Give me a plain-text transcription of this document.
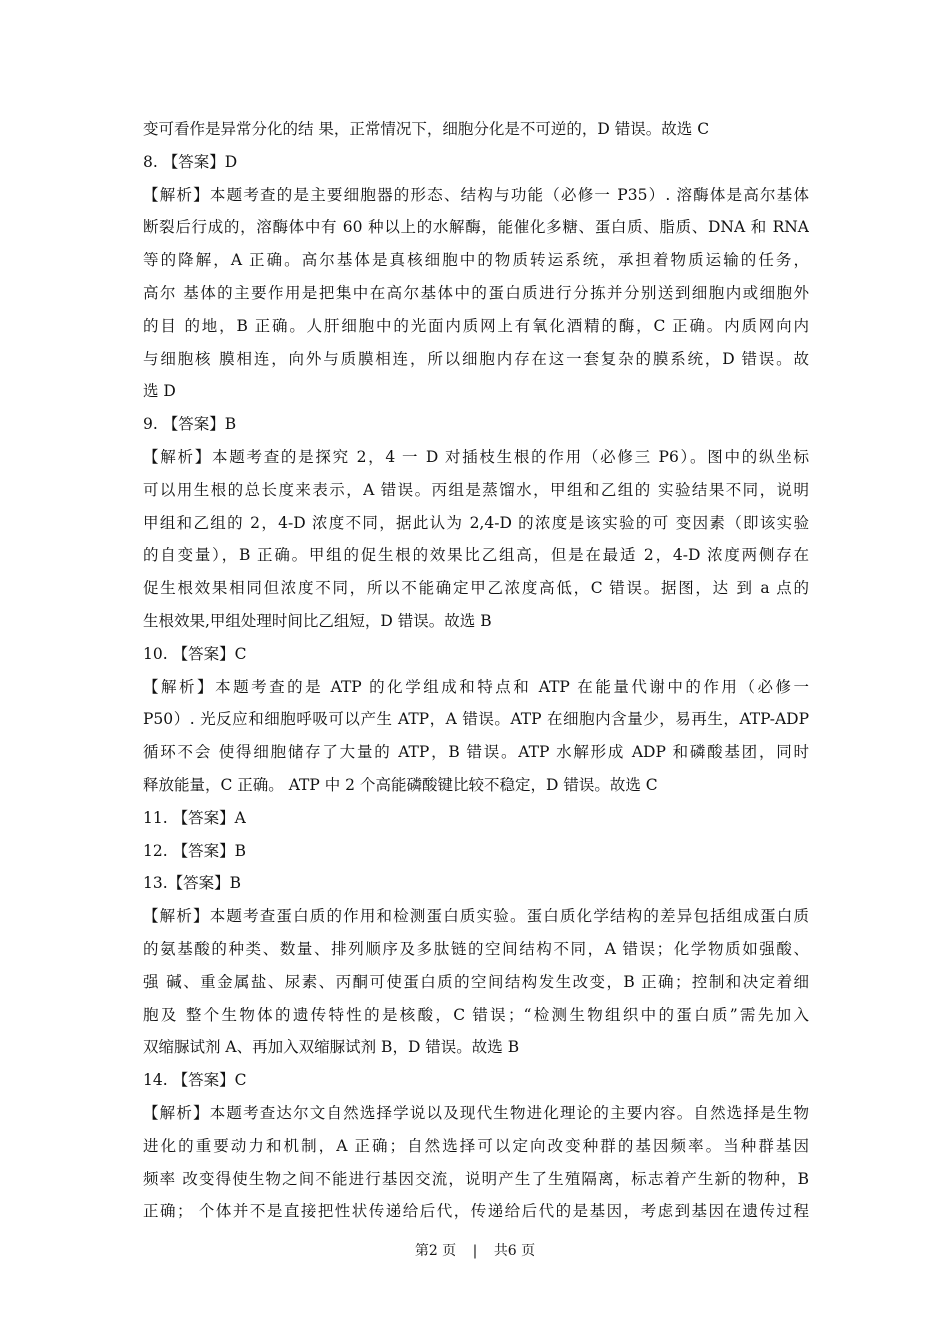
变可看作是异常分化的结 果，正常情况下，细胞分化是不可逆的，D 错误。故选 C
8. 【答案】D
【解析】本题考查的是主要细胞器的形态、结构与功能（必修一 P35）. 溶酶体是高尔基体
断裂后行成的，溶酶体中有 60 种以上的水解酶，能催化多糖、蛋白质、脂质、DNA 和 RNA
等的降解，A 正确。高尔基体是真核细胞中的物质转运系统，承担着物质运输的任务，
高尔 基体的主要作用是把集中在高尔基体中的蛋白质进行分拣并分别送到细胞内或细胞外
的目 的地，B 正确。人肝细胞中的光面内质网上有氧化酒精的酶，C 正确。内质网向内
与细胞核 膜相连，向外与质膜相连，所以细胞内存在这一套复杂的膜系统，D 错误。故
选 D
9. 【答案】B
【解析】本题考查的是探究 2，4 一 D 对插枝生根的作用（必修三 P6）。图中的纵坐标
可以用生根的总长度来表示，A 错误。丙组是蒸馏水，甲组和乙组的 实验结果不同，说明
甲组和乙组的 2，4-D 浓度不同，据此认为 2,4-D 的浓度是该实验的可 变因素（即该实验
的自变量），B 正确。甲组的促生根的效果比乙组高，但是在最适 2，4-D 浓度两侧存在
促生根效果相同但浓度不同，所以不能确定甲乙浓度高低，C 错误。据图，达 到 a 点的
生根效果,甲组处理时间比乙组短，D 错误。故选 B
10. 【答案】C
【解析】本题考查的是 ATP 的化学组成和特点和 ATP 在能量代谢中的作用（必修一
P50）. 光反应和细胞呼吸可以产生 ATP，A 错误。ATP 在细胞内含量少，易再生，ATP-ADP
循环不会 使得细胞储存了大量的 ATP，B 错误。ATP 水解形成 ADP 和磷酸基团，同时
释放能量，C 正确。 ATP 中 2 个高能磷酸键比较不稳定，D 错误。故选 C
11. 【答案】A
12. 【答案】B
13.【答案】B
【解析】本题考查蛋白质的作用和检测蛋白质实验。蛋白质化学结构的差异包括组成蛋白质
的氨基酸的种类、数量、排列顺序及多肽链的空间结构不同，A 错误；化学物质如强酸、
强 碱、重金属盐、尿素、丙酮可使蛋白质的空间结构发生改变，B 正确；控制和决定着细
胞及 整个生物体的遗传特性的是核酸，C 错误；“检测生物组织中的蛋白质”需先加入
双缩脲试剂 A、再加入双缩脲试剂 B，D 错误。故选 B
14. 【答案】C
【解析】本题考查达尔文自然选择学说以及现代生物进化理论的主要内容。自然选择是生物
进化的重要动力和机制，A 正确；自然选择可以定向改变种群的基因频率。当种群基因
频率 改变得使生物之间不能进行基因交流，说明产生了生殖隔离，标志着产生新的物种，B
正确； 个体并不是直接把性状传递给后代，传递给后代的是基因，考虑到基因在遗传过程
第2 页 | 共6 页
